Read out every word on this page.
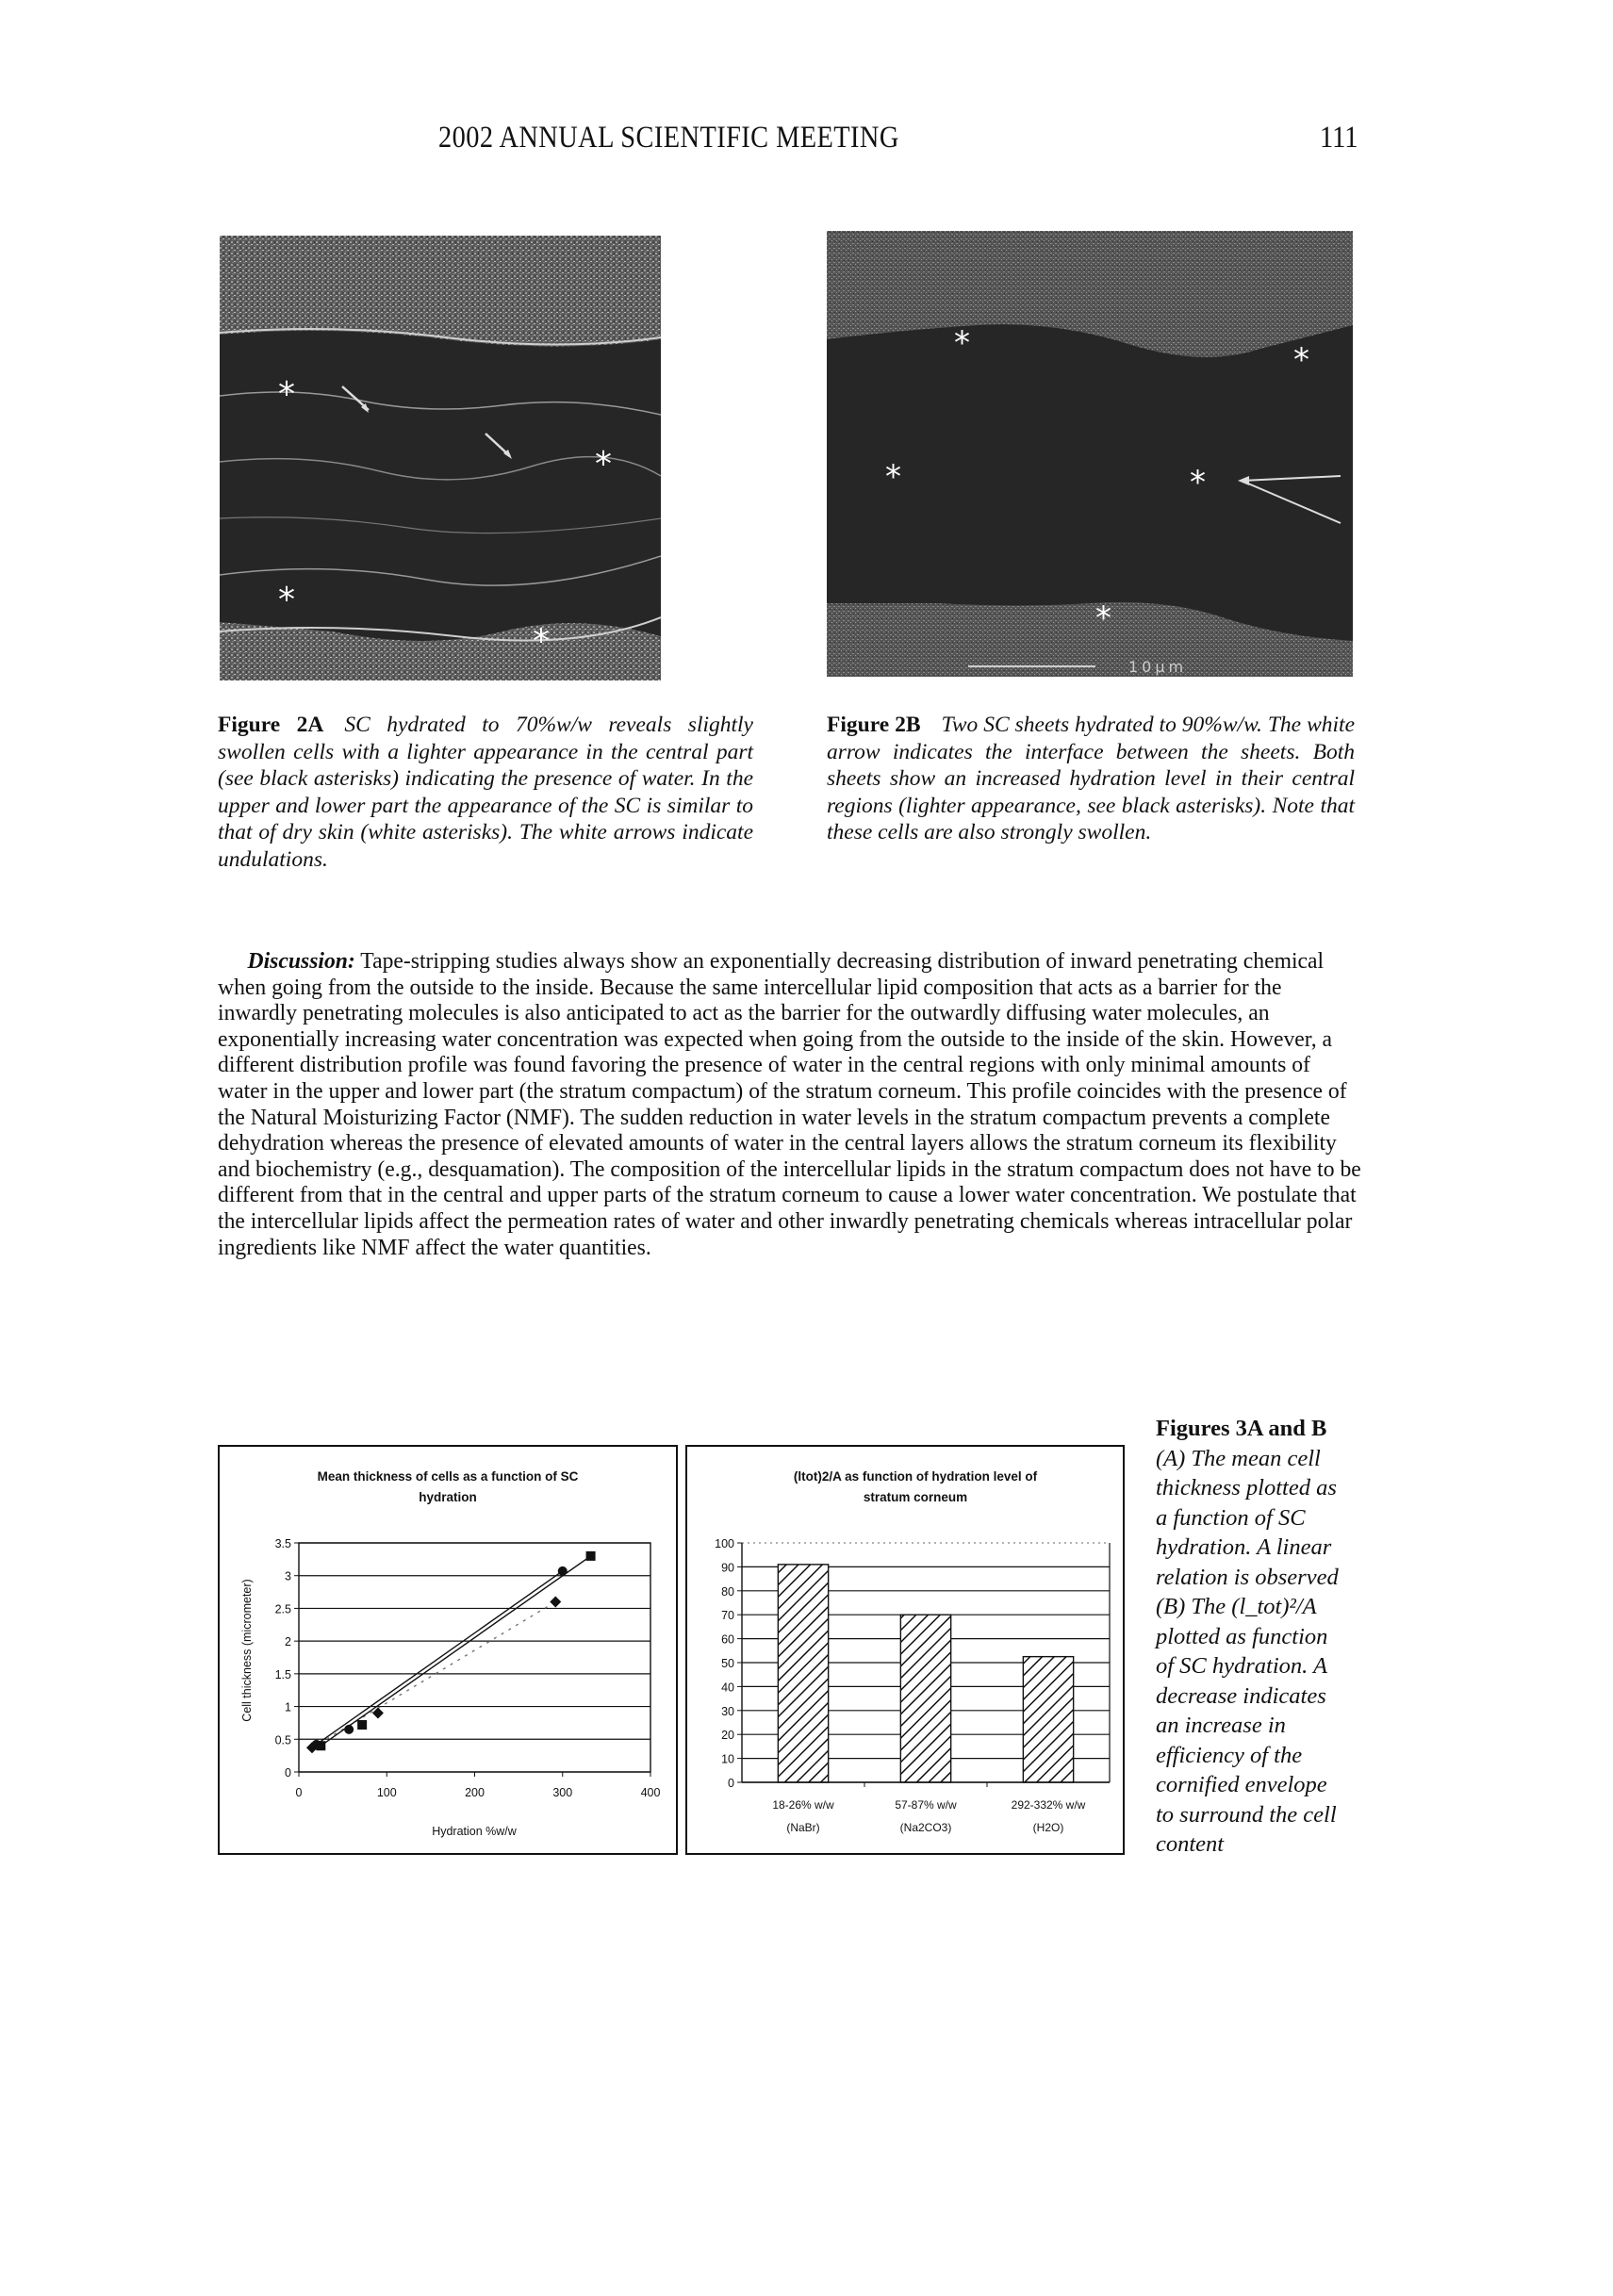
2002 ANNUAL SCIENTIFIC MEETING	111
*
*
*
*
10µm
*	*
*	*
*
Figure 2A SC hydrated to 70%w/w reveals slightly swollen cells with a lighter appearance in the central part (see black asterisks) indicating the presence of water. In the upper and lower part the appearance of the SC is similar to that of dry skin (white asterisks). The white arrows indicate undulations.
Figure 2B Two SC sheets hydrated to 90%w/w. The white arrow indicates the interface between the sheets. Both sheets show an increased hydration level in their central regions (lighter appearance, see black asterisks). Note that these cells are also strongly swollen.

Discussion: Tape-stripping studies always show an exponentially decreasing distribution of inward penetrating chemical when going from the outside to the inside. Because the same intercellular lipid composition that acts as a barrier for the inwardly penetrating molecules is also anticipated to act as the barrier for the outwardly diffusing water molecules, an exponentially increasing water concentration was expected when going from the outside to the inside of the skin. However, a different distribution profile was found favoring the presence of water in the central regions with only minimal amounts of water in the upper and lower part (the stratum compactum) of the stratum corneum. This profile coincides with the presence of the Natural Moisturizing Factor (NMF). The sudden reduction in water levels in the stratum compactum prevents a complete dehydration whereas the presence of elevated amounts of water in the central layers allows the stratum corneum its flexibility and biochemistry (e.g., desquamation). The composition of the intercellular lipids in the stratum compactum does not have to be different from that in the central and upper parts of the stratum corneum to cause a lower water concentration. We postulate that the intercellular lipids affect the permeation rates of water and other inwardly penetrating chemicals whereas intracellular polar ingredients like NMF affect the water quantities.

Mean thickness of cells as a function of SC
hydration
0
0.5
1
1.5
2
2.5
3
3.5
0	100	200	300	400
Hydration %w/w
Cell thickness (micrometer)
(ltot)2/A as function of hydration level of
stratum corneum
0
10
20
30
40
50
60
70
80
90
100
18-26% w/w
(NaBr)
57-87% w/w
(Na2CO3)
292-332% w/w
(H2O)
Figures 3A and B
(A) The mean cell thickness plotted as a function of SC hydration. A linear relation is observed (B) The (l_tot)²/A plotted as function of SC hydration. A decrease indicates an increase in efficiency of the cornified envelope to surround the cell content
